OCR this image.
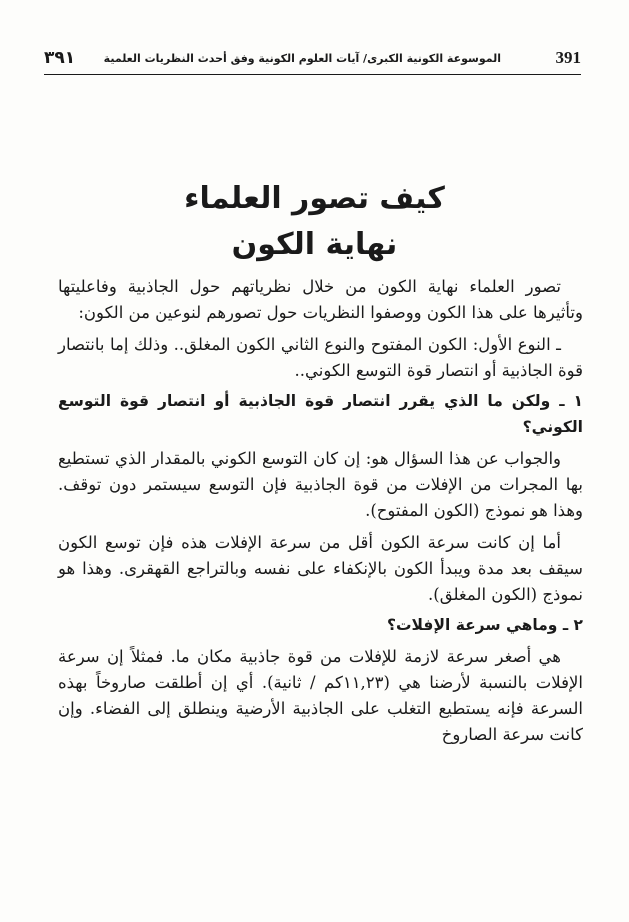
٣٩١	الموسوعة الكونية الكبرى/ آيات العلوم الكونية وفق أحدث النظريات العلمية	391
كيف تصور العلماء
نهاية الكون

تصور العلماء نهاية الكون من خلال نظرياتهم حول الجاذبية وفاعليتها وتأثيرها على هذا الكون ووصفوا النظريات حول تصورهم لنوعين من الكون:

ـ النوع الأول: الكون المفتوح والنوع الثاني الكون المغلق.. وذلك إما بانتصار قوة الجاذبية أو انتصار قوة التوسع الكوني..

١ ـ ولكن ما الذي يقرر انتصار قوة الجاذبية أو انتصار قوة التوسع الكوني؟

والجواب عن هذا السؤال هو: إن كان التوسع الكوني بالمقدار الذي تستطيع بها المجرات من الإفلات من قوة الجاذبية فإن التوسع سيستمر دون توقف. وهذا هو نموذج (الكون المفتوح).

أما إن كانت سرعة الكون أقل من سرعة الإفلات هذه فإن توسع الكون سيقف بعد مدة ويبدأ الكون بالإنكفاء على نفسه وبالتراجع القهقرى. وهذا هو نموذج (الكون المغلق).

٢ ـ وماهي سرعة الإفلات؟

هي أصغر سرعة لازمة للإفلات من قوة جاذبية مكان ما. فمثلاً إن سرعة الإفلات بالنسبة لأرضنا هي (١١,٢٣كم / ثانية). أي إن أطلقت صاروخاً بهذه السرعة فإنه يستطيع التغلب على الجاذبية الأرضية وينطلق إلى الفضاء. وإن كانت سرعة الصاروخ
